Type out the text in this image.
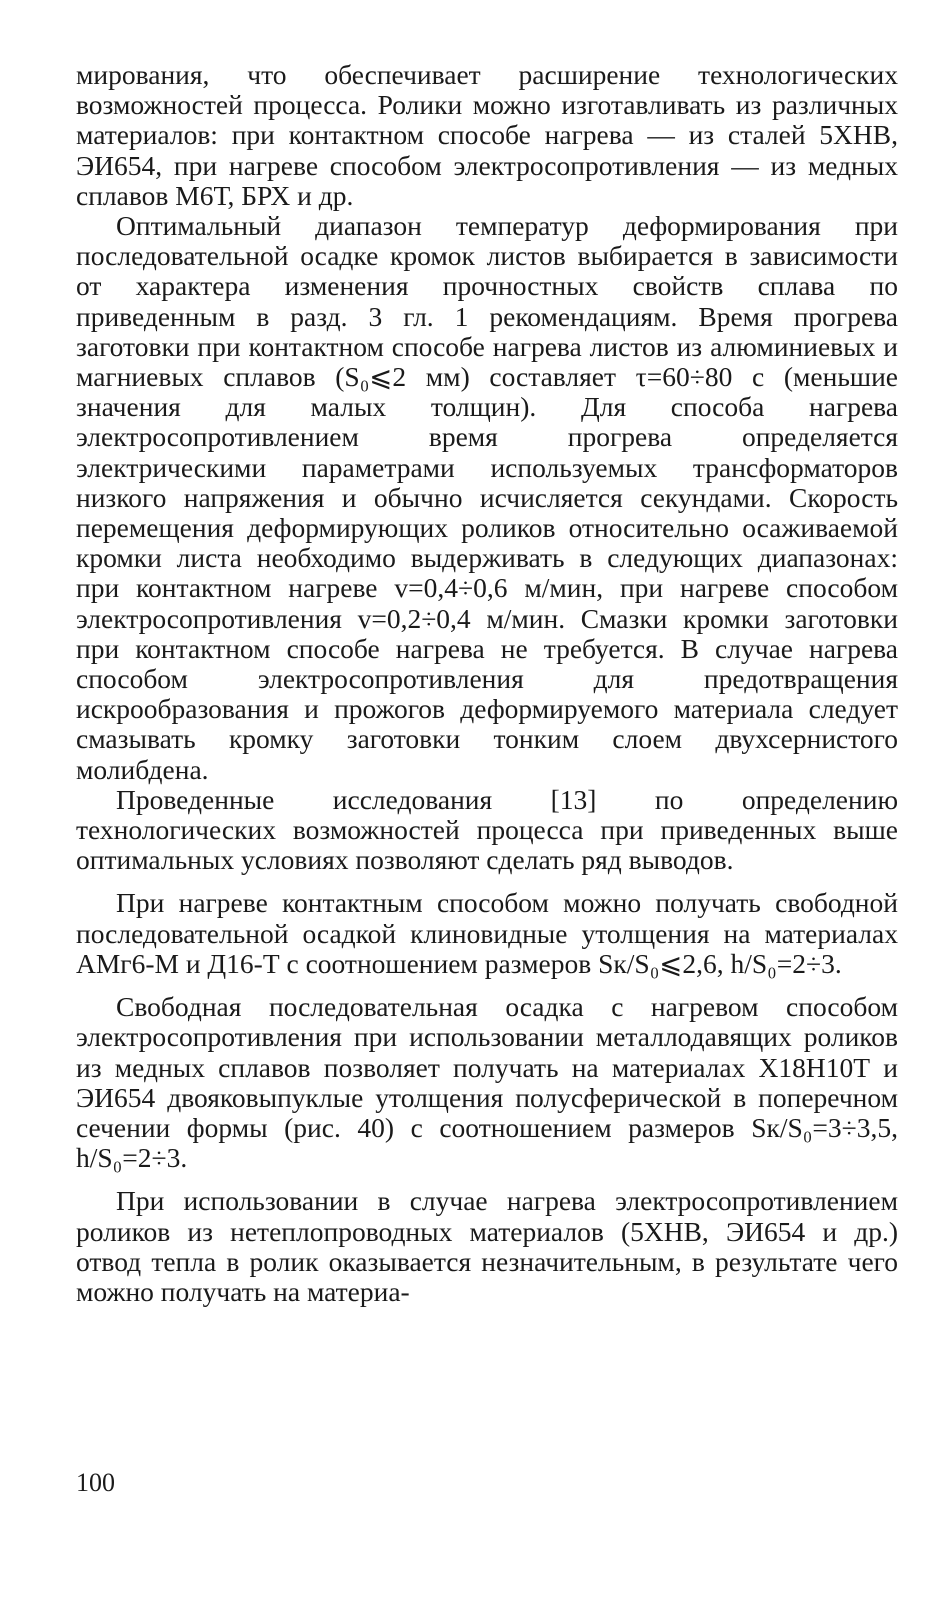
мирования, что обеспечивает расширение технологических возможностей процесса. Ролики можно изготавливать из различных материалов: при контактном способе нагрева — из сталей 5ХНВ, ЭИ654, при нагреве способом электросопротивления — из медных сплавов М6Т, БРХ и др.

Оптимальный диапазон температур деформирования при последовательной осадке кромок листов выбирается в зависимости от характера изменения прочностных свойств сплава по приведенным в разд. 3 гл. 1 рекомендациям. Время прогрева заготовки при контактном способе нагрева листов из алюминиевых и магниевых сплавов (S₀⩽2 мм) составляет τ=60÷80 с (меньшие значения для малых толщин). Для способа нагрева электросопротивлением время прогрева определяется электрическими параметрами используемых трансформаторов низкого напряжения и обычно исчисляется секундами. Скорость перемещения деформирующих роликов относительно осаживаемой кромки листа необходимо выдерживать в следующих диапазонах: при контактном нагреве v=0,4÷0,6 м/мин, при нагреве способом электросопротивления v=0,2÷0,4 м/мин. Смазки кромки заготовки при контактном способе нагрева не требуется. В случае нагрева способом электросопротивления для предотвращения искрообразования и прожогов деформируемого материала следует смазывать кромку заготовки тонким слоем двухсернистого молибдена.

Проведенные исследования [13] по определению технологических возможностей процесса при приведенных выше оптимальных условиях позволяют сделать ряд выводов.

При нагреве контактным способом можно получать свободной последовательной осадкой клиновидные утолщения на материалах АМг6-М и Д16-Т с соотношением размеров Sк/S₀⩽2,6, h/S₀=2÷3.

Свободная последовательная осадка с нагревом способом электросопротивления при использовании металлодавящих роликов из медных сплавов позволяет получать на материалах Х18Н10Т и ЭИ654 двояковыпуклые утолщения полусферической в поперечном сечении формы (рис. 40) с соотношением размеров Sк/S₀=3÷3,5, h/S₀=2÷3.

При использовании в случае нагрева электросопротивлением роликов из нетеплопроводных материалов (5ХНВ, ЭИ654 и др.) отвод тепла в ролик оказывается незначительным, в результате чего можно получать на материа-

100
